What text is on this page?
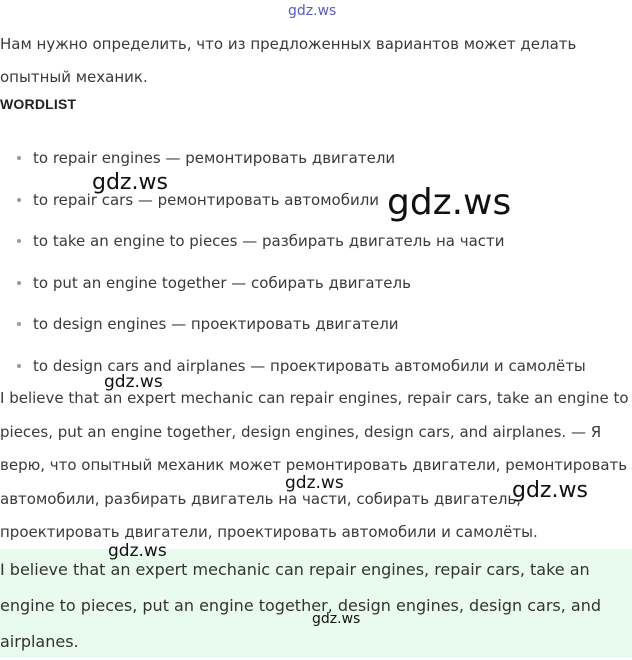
gdz.ws

Нам нужно определить, что из предложенных вариантов может делать опытный механик.

WORDLIST

to repair engines — ремонтировать двигатели
to repair cars — ремонтировать автомобили
to take an engine to pieces — разбирать двигатель на части
to put an engine together — собирать двигатель
to design engines — проектировать двигатели
to design cars and airplanes — проектировать автомобили и самолёты

I believe that an expert mechanic can repair engines, repair cars, take an engine to pieces, put an engine together, design engines, design cars, and airplanes. — Я верю, что опытный механик может ремонтировать двигатели, ремонтировать автомобили, разбирать двигатель на части, собирать двигатель, проектировать двигатели, проектировать автомобили и самолёты.

I believe that an expert mechanic can repair engines, repair cars, take an engine to pieces, put an engine together, design engines, design cars, and airplanes.

gdz.ws	gdz.ws
gdz.ws
gdz.ws	gdz.ws
gdz.ws
gdz.ws
